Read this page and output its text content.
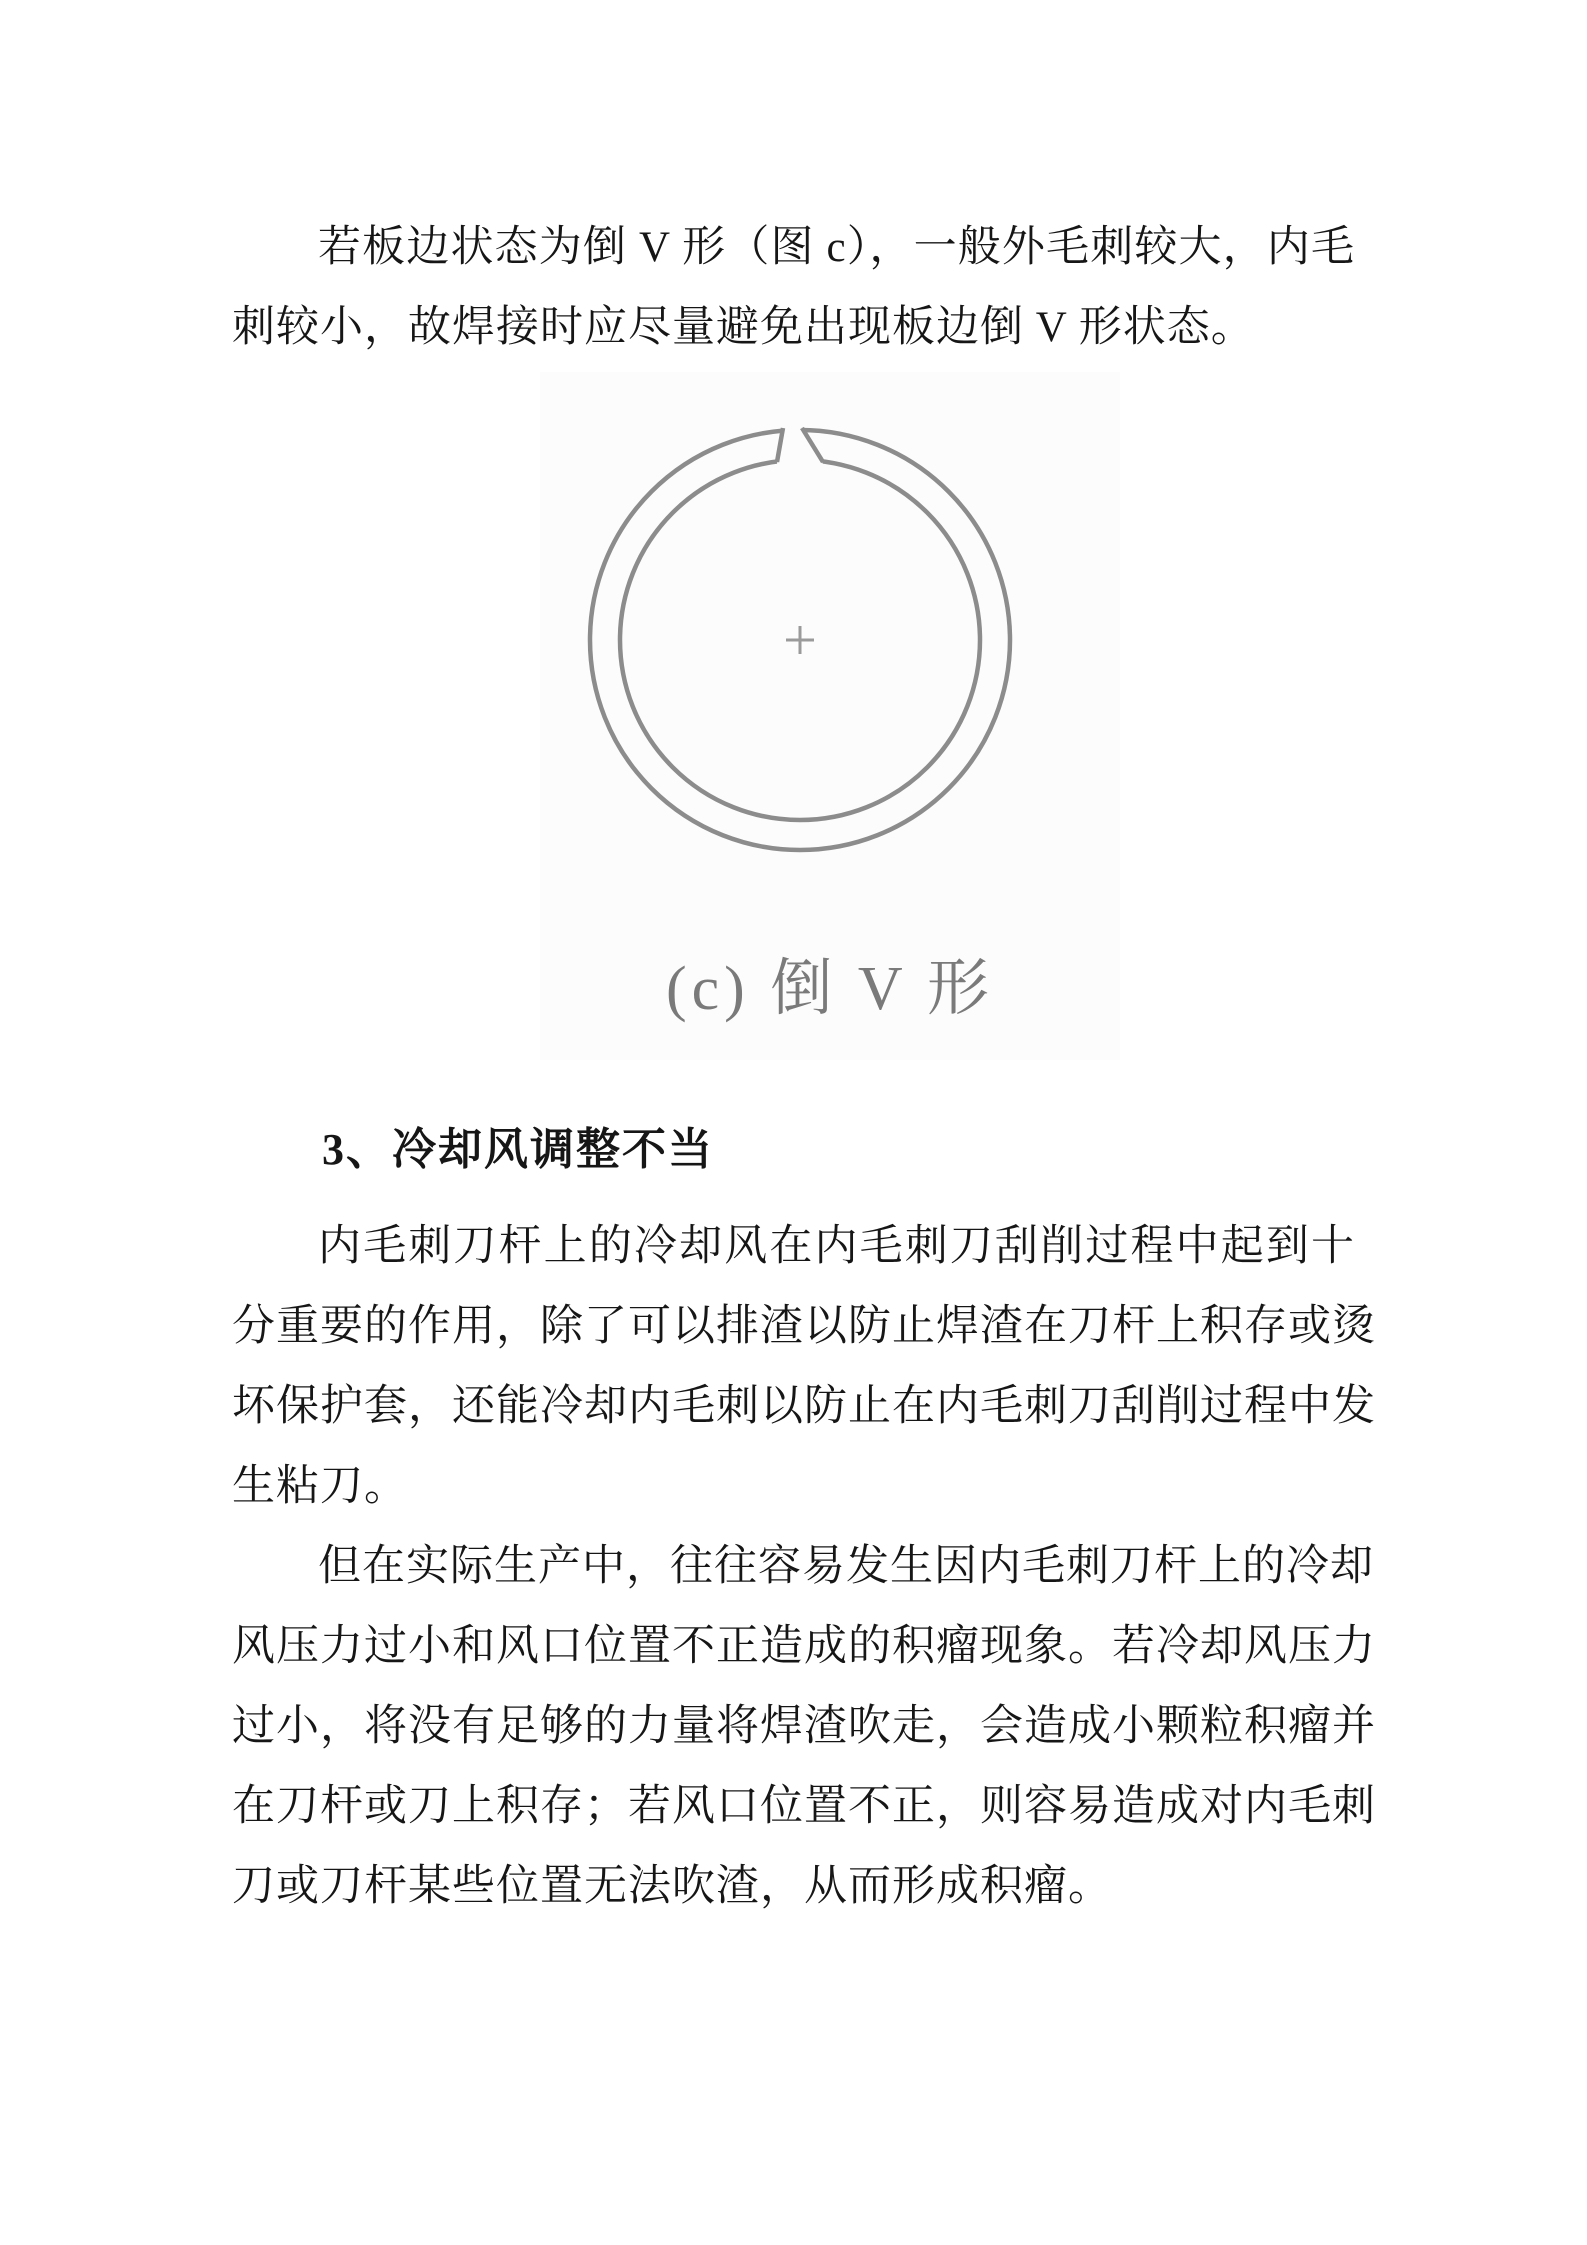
若板边状态为倒 V 形（图 c），一般外毛刺较大，内毛
刺较小，故焊接时应尽量避免出现板边倒 V 形状态。
(c) 倒 V 形
3、冷却风调整不当
内毛刺刀杆上的冷却风在内毛刺刀刮削过程中起到十
分重要的作用，除了可以排渣以防止焊渣在刀杆上积存或烫
坏保护套，还能冷却内毛刺以防止在内毛刺刀刮削过程中发
生粘刀。
但在实际生产中，往往容易发生因内毛刺刀杆上的冷却
风压力过小和风口位置不正造成的积瘤现象。若冷却风压力
过小，将没有足够的力量将焊渣吹走，会造成小颗粒积瘤并
在刀杆或刀上积存；若风口位置不正，则容易造成对内毛刺
刀或刀杆某些位置无法吹渣，从而形成积瘤。
